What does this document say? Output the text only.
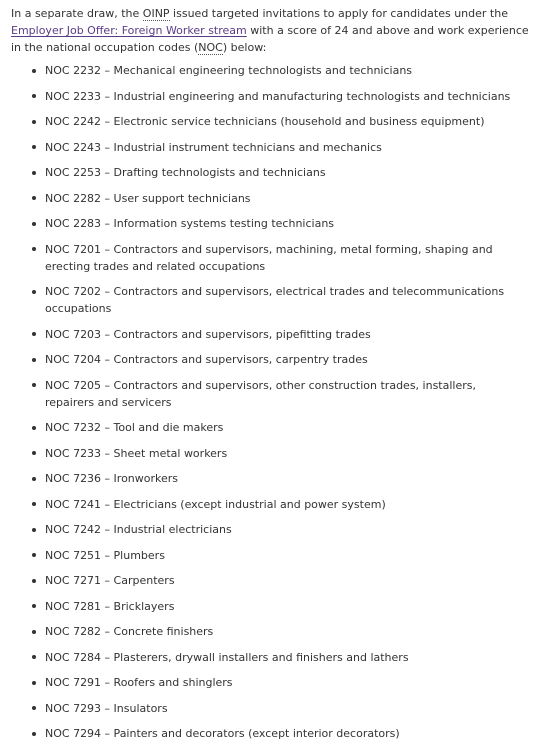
In a separate draw, the OINP issued targeted invitations to apply for candidates under the Employer Job Offer: Foreign Worker stream with a score of 24 and above and work experience in the national occupation codes (NOC) below:

NOC 2232 – Mechanical engineering technologists and technicians
NOC 2233 – Industrial engineering and manufacturing technologists and technicians
NOC 2242 – Electronic service technicians (household and business equipment)
NOC 2243 – Industrial instrument technicians and mechanics
NOC 2253 – Drafting technologists and technicians
NOC 2282 – User support technicians
NOC 2283 – Information systems testing technicians
NOC 7201 – Contractors and supervisors, machining, metal forming, shaping and erecting trades and related occupations
NOC 7202 – Contractors and supervisors, electrical trades and telecommunications occupations
NOC 7203 – Contractors and supervisors, pipefitting trades
NOC 7204 – Contractors and supervisors, carpentry trades
NOC 7205 – Contractors and supervisors, other construction trades, installers, repairers and servicers
NOC 7232 – Tool and die makers
NOC 7233 – Sheet metal workers
NOC 7236 – Ironworkers
NOC 7241 – Electricians (except industrial and power system)
NOC 7242 – Industrial electricians
NOC 7251 – Plumbers
NOC 7271 – Carpenters
NOC 7281 – Bricklayers
NOC 7282 – Concrete finishers
NOC 7284 – Plasterers, drywall installers and finishers and lathers
NOC 7291 – Roofers and shinglers
NOC 7293 – Insulators
NOC 7294 – Painters and decorators (except interior decorators)
